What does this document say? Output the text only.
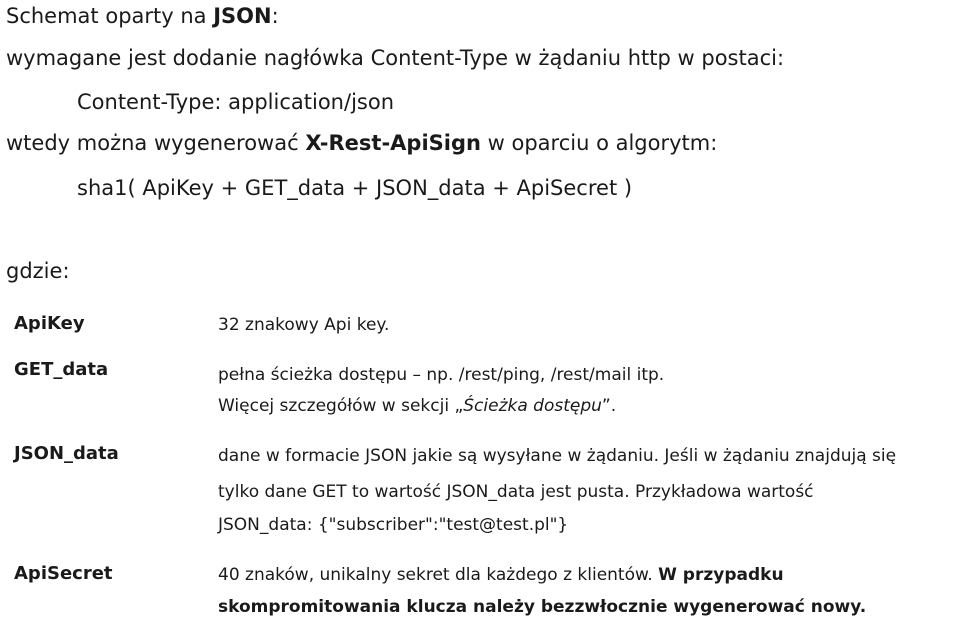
Schemat oparty na JSON:
wymagane jest dodanie nagłówka Content-Type w żądaniu http w postaci:
Content-Type: application/json
wtedy można wygenerować X-Rest-ApiSign w oparciu o algorytm:
sha1( ApiKey + GET_data + JSON_data + ApiSecret )
gdzie:
ApiKey	32 znakowy Api key.
GET_data	pełna ścieżka dostępu – np. /rest/ping, /rest/mail itp.
Więcej szczegółów w sekcji „Ścieżka dostępu”.
JSON_data	dane w formacie JSON jakie są wysyłane w żądaniu. Jeśli w żądaniu znajdują się
tylko dane GET to wartość JSON_data jest pusta. Przykładowa wartość
JSON_data: {"subscriber":"test@test.pl"}
ApiSecret	40 znaków, unikalny sekret dla każdego z klientów. W przypadku
skompromitowania klucza należy bezzwłocznie wygenerować nowy.
